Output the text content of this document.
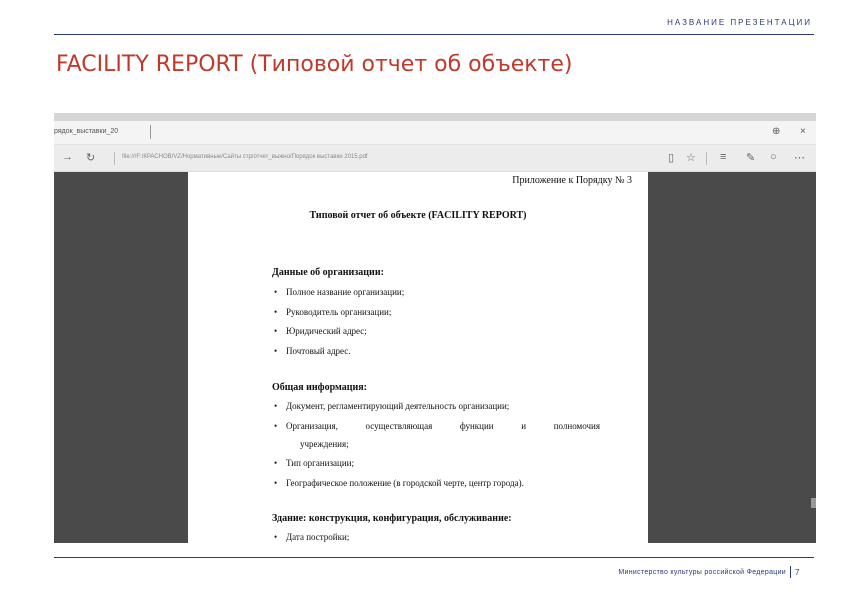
НАЗВАНИЕ ПРЕЗЕНТАЦИИ
FACILITY REPORT (Типовой отчет об объекте)
рядок_выставки_20	⊕ ×
→ ↻	file:///F:/КРАСНОВ/VZ/Нормативные/Сайты стр/отчет_выжно/Порядок выставки 2015.pdf	▯ ☆ ≡ ✎ ○ ⋯
Приложение к Порядку № 3
Типовой отчет об объекте (FACILITY REPORT)
Данные об организации:
• Полное название организации;
• Руководитель организации;
• Юридический адрес;
• Почтовый адрес.
Общая информация:
• Документ, регламентирующий деятельность организации;
• Организация,	осуществляющая	функции	и	полномочия
учреждения;
• Тип организации;
• Географическое положение (в городской черте, центр города).
Здание: конструкция, конфигурация, обслуживание:
• Дата постройки;
Министерство культуры российской Федерации 7
